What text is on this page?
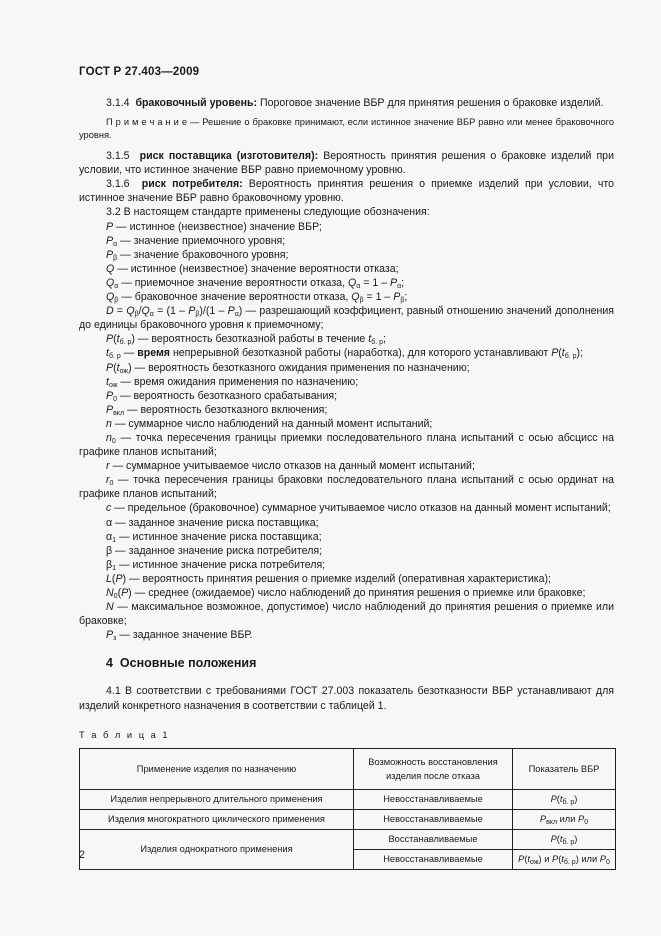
ГОСТ Р 27.403—2009

3.1.4 браковочный уровень: Пороговое значение ВБР для принятия решения о браковке изделий.

П р и м е ч а н и е — Решение о браковке принимают, если истинное значение ВБР равно или менее браковочного уровня.

3.1.5 риск поставщика (изготовителя): Вероятность принятия решения о браковке изделий при условии, что истинное значение ВБР равно приемочному уровню.

3.1.6 риск потребителя: Вероятность принятия решения о приемке изделий при условии, что истинное значение ВБР равно браковочному уровню.

3.2 В настоящем стандарте применены следующие обозначения:

P — истинное (неизвестное) значение ВБР;

$P_\alpha$ — значение приемочного уровня;

$P_\beta$ — значение браковочного уровня;

Q — истинное (неизвестное) значение вероятности отказа;

$Q_\alpha$ — приемочное значение вероятности отказа, $Q_\alpha = 1 - P_\alpha$;

$Q_\beta$ — браковочное значение вероятности отказа, $Q_\beta = 1 - P_\beta$;

$D = Q_\beta/Q_\alpha = (1 - P_\beta)/(1 - P_\alpha)$ — разрешающий коэффициент, равный отношению значений дополнения до единицы браковочного уровня к приемочному;

$P(t_{б. р})$ — вероятность безотказной работы в течение $t_{б. р}$;

$t_{б. р}$ — время непрерывной безотказной работы (наработка), для которого устанавливают $P(t_{б. р})$;

$P(t_{ож})$ — вероятность безотказного ожидания применения по назначению;

$t_{ож}$ — время ожидания применения по назначению;

$P_0$ — вероятность безотказного срабатывания;

$P_{вкл}$ — вероятность безотказного включения;

n — суммарное число наблюдений на данный момент испытаний;

$n_0$ — точка пересечения границы приемки последовательного плана испытаний с осью абсцисс на графике планов испытаний;

r — суммарное учитываемое число отказов на данный момент испытаний;

$r_0$ — точка пересечения границы браковки последовательного плана испытаний с осью ординат на графике планов испытаний;

c — предельное (браковочное) суммарное учитываемое число отказов на данный момент испытаний;

α — заданное значение риска поставщика;

$\alpha_1$ — истинное значение риска поставщика;

β — заданное значение риска потребителя;

$\beta_1$ — истинное значение риска потребителя;

L(P) — вероятность принятия решения о приемке изделий (оперативная характеристика);

$N_0(P)$ — среднее (ожидаемое) число наблюдений до принятия решения о приемке или браковке;

N — максимальное возможное, допустимое) число наблюдений до принятия решения о приемке или браковке;

$P_з$ — заданное значение ВБР.

4 Основные положения

4.1 В соответствии с требованиями ГОСТ 27.003 показатель безотказности ВБР устанавливают для изделий конкретного назначения в соответствии с таблицей 1.

Т а б л и ц а 1
Применение изделия по назначению	Возможность восстановления изделия после отказа	Показатель ВБР
Изделия непрерывного длительного применения	Невосстанавливаемые	$P(t_{б. р})$
Изделия многократного циклического применения	Невосстанавливаемые	$P_{вкл}$ или $P_0$
Изделия однократного применения	Восстанавливаемые	$P(t_{б. р})$
	Невосстанавливаемые	$P(t_{ож})$ и $P(t_{б. р})$ или $P_0$
2
